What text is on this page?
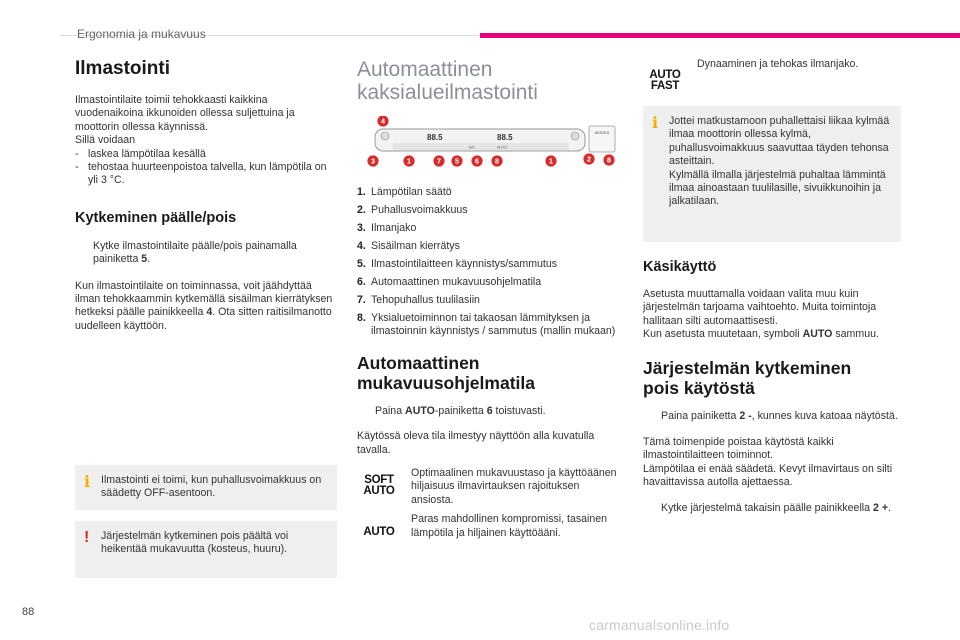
Ergonomia ja mukavuus
Ilmastointi
Ilmastointilaite toimii tehokkaasti kaikkina vuodenaikoina ikkunoiden ollessa suljettuina ja moottorin ollessa käynnissä.
Sillä voidaan
- laskea lämpötilaa kesällä
- tehostaa huurteenpoistoa talvella, kun lämpötila on yli 3 °C.
Kytkeminen päälle/pois
Kytke ilmastointilaite päälle/pois painamalla painiketta 5.
Kun ilmastointilaite on toiminnassa, voit jäähdyttää ilman tehokkaammin kytkemällä sisäilman kierrätyksen hetkeksi päälle painikkeella 4. Ota sitten raitisilmanotto uudelleen käyttöön.
i Ilmastointi ei toimi, kun puhallusvoimakkuus on säädetty OFF-asentoon.
! Järjestelmän kytkeminen pois päältä voi heikentää mukavuutta (kosteus, huuru).
Automaattinen
kaksialueilmastointi
MODES
88.5	88.5
A/C	AUTO
4
3	1	7 5 6 8	1	2 8
1. Lämpötilan säätö
2. Puhallusvoimakkuus
3. Ilmanjako
4. Sisäilman kierrätys
5. Ilmastointilaitteen käynnistys/sammutus
6. Automaattinen mukavuusohjelmatila
7. Tehopuhallus tuulilasiin
8. Yksialuetoiminnon tai takaosan lämmityksen ja ilmastoinnin käynnistys / sammutus (mallin mukaan)
Automaattinen
mukavuusohjelmatila
Paina AUTO-painiketta 6 toistuvasti.
Käytössä oleva tila ilmestyy näyttöön alla kuvatulla tavalla.
SOFT
AUTO
Optimaalinen mukavuustaso ja käyttöäänen hiljaisuus ilmavirtauksen rajoituksen ansiosta.
AUTO
Paras mahdollinen kompromissi, tasainen lämpötila ja hiljainen käyttöääni.
AUTO
FAST
Dynaaminen ja tehokas ilmanjako.
i Jottei matkustamoon puhallettaisi liikaa kylmää ilmaa moottorin ollessa kylmä, puhallusvoimakkuus saavuttaa täyden tehonsa asteittain.
Kylmällä ilmalla järjestelmä puhaltaa lämmintä ilmaa ainoastaan tuulilasille, sivuikkunoihin ja jalkatilaan.
Käsikäyttö
Asetusta muuttamalla voidaan valita muu kuin järjestelmän tarjoama vaihtoehto. Muita toimintoja hallitaan silti automaattisesti.
Kun asetusta muutetaan, symboli AUTO sammuu.
Järjestelmän kytkeminen
pois käytöstä
Paina painiketta 2 -, kunnes kuva katoaa näytöstä.
Tämä toimenpide poistaa käytöstä kaikki ilmastointilaitteen toiminnot.
Lämpötilaa ei enää säädetä. Kevyt ilmavirtaus on silti havaittavissa autolla ajettaessa.
Kytke järjestelmä takaisin päälle painikkeella 2 +.
88
carmanualsonline.info
